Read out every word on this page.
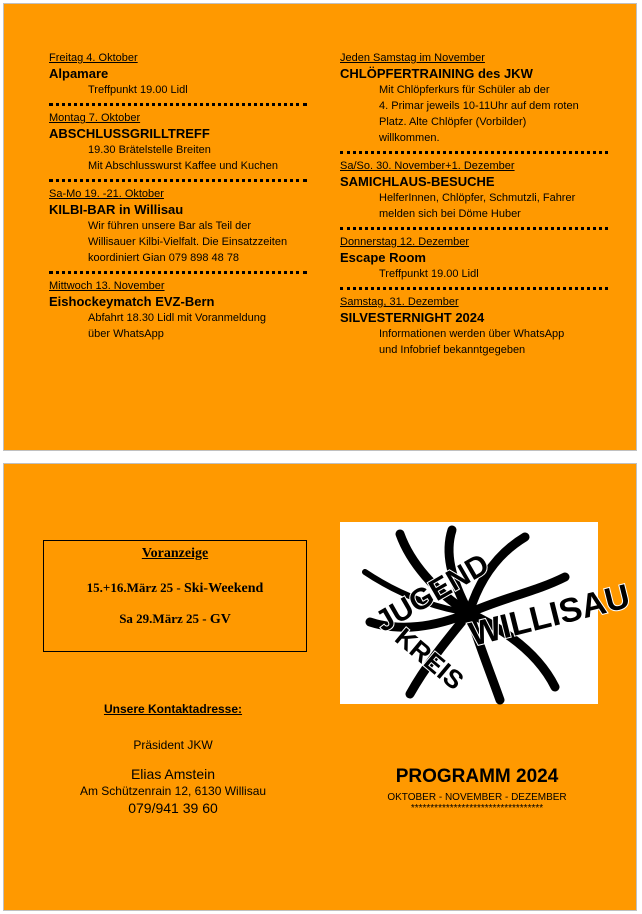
Freitag 4. Oktober
Alpamare
Treffpunkt 19.00 Lidl
Montag 7. Oktober
ABSCHLUSSGRILLTREFF
19.30 Brätelstelle Breiten
Mit Abschlusswurst Kaffee und Kuchen
Sa-Mo 19. -21. Oktober
KILBI-BAR in Willisau
Wir führen unsere Bar als Teil der
Willisauer Kilbi-Vielfalt. Die Einsatzzeiten
koordiniert Gian 079 898 48 78
Mittwoch 13. November
Eishockeymatch EVZ-Bern
Abfahrt 18.30 Lidl mit Voranmeldung
über WhatsApp
Jeden Samstag im November
CHLÖPFERTRAINING des JKW
Mit Chlöpferkurs für Schüler ab der
4. Primar jeweils 10-11Uhr auf dem roten
Platz. Alte Chlöpfer (Vorbilder)
willkommen.
Sa/So. 30. November+1. Dezember
SAMICHLAUS-BESUCHE
HelferInnen, Chlöpfer, Schmutzli, Fahrer
melden sich bei Döme Huber
Donnerstag 12. Dezember
Escape Room
Treffpunkt 19.00 Lidl
Samstag, 31. Dezember
SILVESTERNIGHT 2024
Informationen werden über WhatsApp
und Infobrief bekanntgegeben
Voranzeige
15.+16.März 25 - Ski-Weekend
Sa 29.März 25 - GV
Unsere Kontaktadresse:
Präsident JKW
Elias Amstein
Am Schützenrain 12, 6130 Willisau
079/941 39 60
JUGEND
KREIS
WILLISAU
PROGRAMM 2024
OKTOBER - NOVEMBER - DEZEMBER
**********************************
